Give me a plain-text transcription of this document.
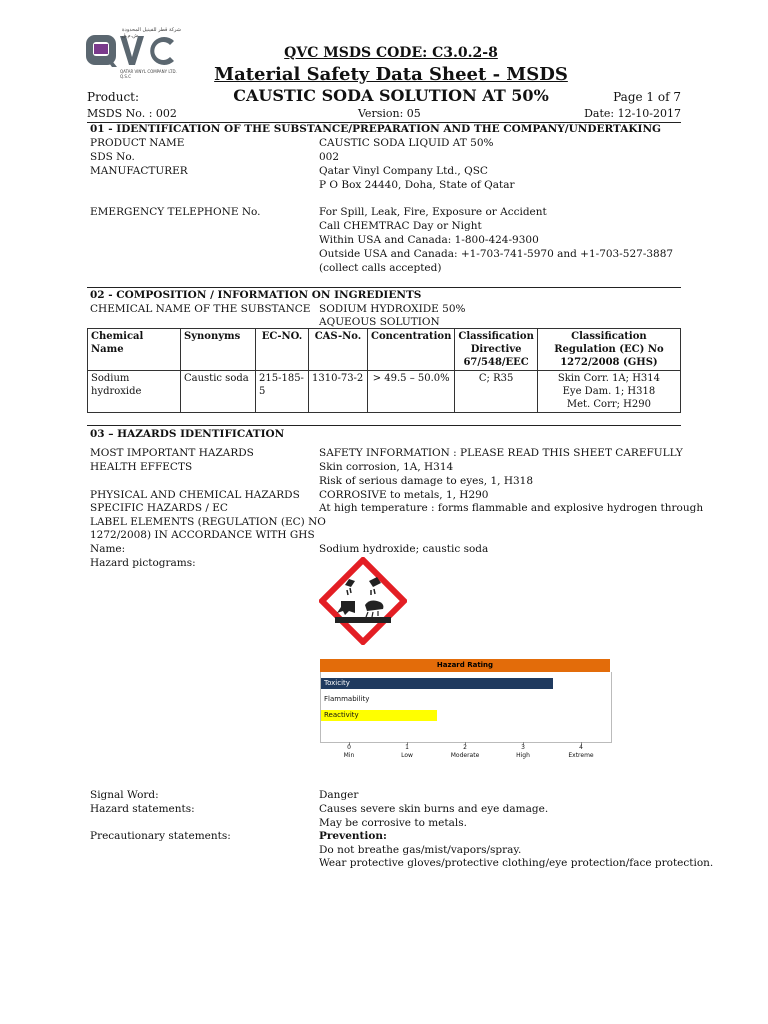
شركة قطر للفينيل المحدودة ش.م.ق
QATAR VINYL COMPANY LTD. Q.S.C
QVC MSDS CODE: C3.0.2-8
Material Safety Data Sheet - MSDS
Product:	CAUSTIC SODA SOLUTION AT 50%	Page 1 of 7
MSDS No. : 002	Version: 05	Date: 12-10-2017
01 - IDENTIFICATION OF THE SUBSTANCE/PREPARATION AND THE COMPANY/UNDERTAKING
PRODUCT NAME	CAUSTIC SODA LIQUID AT 50%
SDS No.	002
MANUFACTURER	Qatar Vinyl Company Ltd., QSC
P O Box 24440, Doha, State of Qatar
EMERGENCY TELEPHONE No.	For Spill, Leak, Fire, Exposure or Accident
Call CHEMTRAC Day or Night
Within USA and Canada: 1-800-424-9300
Outside USA and Canada: +1-703-741-5970 and +1-703-527-3887
(collect calls accepted)
02 - COMPOSITION / INFORMATION ON INGREDIENTS
CHEMICAL NAME OF THE SUBSTANCE SODIUM HYDROXIDE 50%
AQUEOUS SOLUTION
Chemical Name	Synonyms	EC-NO.	CAS-No.	Concentration	Classification Directive 67/548/EEC	Classification Regulation (EC) No 1272/2008 (GHS)
Sodium hydroxide	Caustic soda	215-185-5	1310-73-2	> 49.5 – 50.0%	C; R35	Skin Corr. 1A; H314
Eye Dam. 1; H318
Met. Corr; H290
03 – HAZARDS IDENTIFICATION
MOST IMPORTANT HAZARDS	SAFETY INFORMATION : PLEASE READ THIS SHEET CAREFULLY
HEALTH EFFECTS	Skin corrosion, 1A, H314
Risk of serious damage to eyes, 1, H318
PHYSICAL AND CHEMICAL HAZARDS CORROSIVE to metals, 1, H290
SPECIFIC HAZARDS / EC	At high temperature : forms flammable and explosive hydrogen through
LABEL ELEMENTS (REGULATION (EC) NO
1272/2008) IN ACCORDANCE WITH GHS
Name:	Sodium hydroxide; caustic soda
Hazard pictograms:
Hazard Rating
Toxicity
Flammability
Reactivity
0
Min
1
Low
2
Moderate
3
High
4
Extreme
Signal Word:	Danger
Hazard statements:	Causes severe skin burns and eye damage.
May be corrosive to metals.
Precautionary statements:	Prevention:
Do not breathe gas/mist/vapors/spray.
Wear protective gloves/protective clothing/eye protection/face protection.
